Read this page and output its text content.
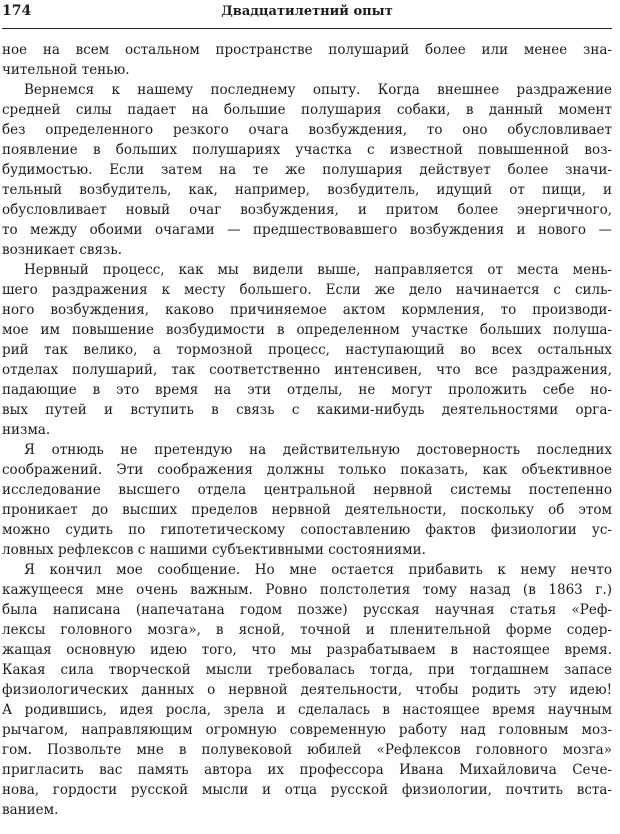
174	Двадцатилетний опыт
ное на всем остальном пространстве полушарий более или менее зна-
чительной тенью.
Вернемся к нашему последнему опыту. Когда внешнее раздражение
средней силы падает на большие полушария собаки, в данный момент
без определенного резкого очага возбуждения, то оно обусловливает
появление в больших полушариях участка с известной повышенной воз-
будимостью. Если затем на те же полушария действует более значи-
тельный возбудитель, как, например, возбудитель, идущий от пищи, и
обусловливает новый очаг возбуждения, и притом более энергичного,
то между обоими очагами — предшествовавшего возбуждения и нового —
возникает связь.
Нервный процесс, как мы видели выше, направляется от места мень-
шего раздражения к месту большего. Если же дело начинается с силь-
ного возбуждения, каково причиняемое актом кормления, то производи-
мое им повышение возбудимости в определенном участке больших полуша-
рий так велико, а тормозной процесс, наступающий во всех остальных
отделах полушарий, так соответственно интенсивен, что все раздражения,
падающие в это время на эти отделы, не могут проложить себе но-
вых путей и вступить в связь с какими-нибудь деятельностями орга-
низма.
Я отнюдь не претендую на действительную достоверность последних
соображений. Эти соображения должны только показать, как объективное
исследование высшего отдела центральной нервной системы постепенно
проникает до высших пределов нервной деятельности, поскольку об этом
можно судить по гипотетическому сопоставлению фактов физиологии ус-
ловных рефлексов с нашими субъективными состояниями.
Я кончил мое сообщение. Но мне остается прибавить к нему нечто
кажущееся мне очень важным. Ровно полстолетия тому назад (в 1863 г.)
была написана (напечатана годом позже) русская научная статья «Реф-
лексы головного мозга», в ясной, точной и пленительной форме содер-
жащая основную идею того, что мы разрабатываем в настоящее время.
Какая сила творческой мысли требовалась тогда, при тогдашнем запасе
физиологических данных о нервной деятельности, чтобы родить эту идею!
А родившись, идея росла, зрела и сделалась в настоящее время научным
рычагом, направляющим огромную современную работу над головным моз-
гом. Позвольте мне в полувековой юбилей «Рефлексов головного мозга»
пригласить вас память автора их профессора Ивана Михайловича Сече-
нова, гордости русской мысли и отца русской физиологии, почтить вста-
ванием.
